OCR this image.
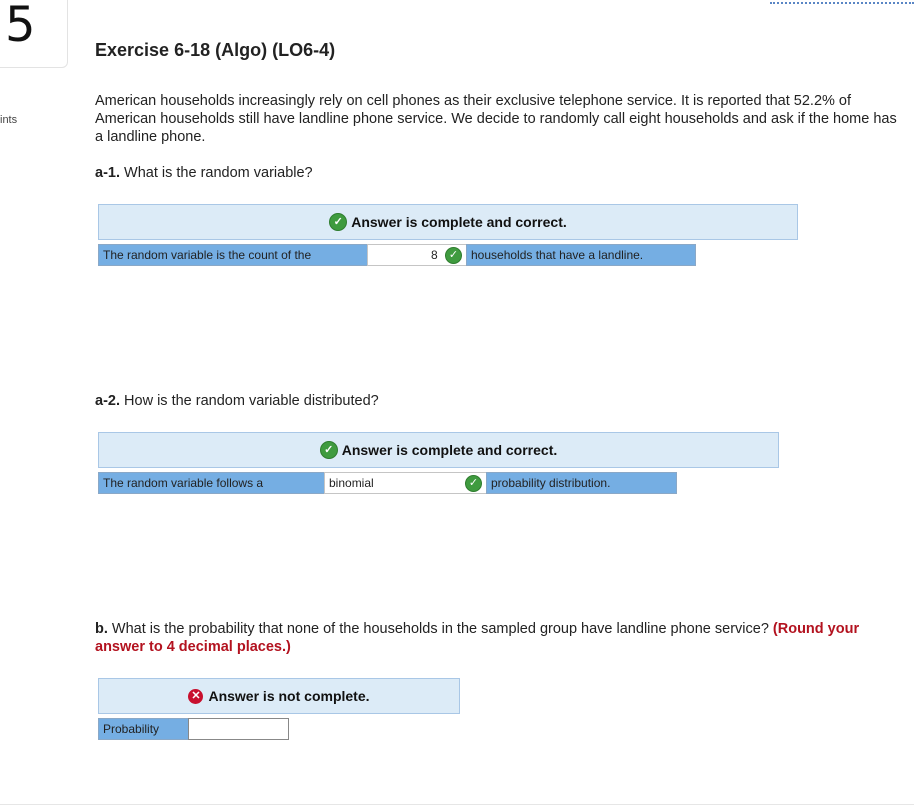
5
ints
Exercise 6-18 (Algo) (LO6-4)
American households increasingly rely on cell phones as their exclusive telephone service. It is reported that 52.2% of American households still have landline phone service. We decide to randomly call eight households and ask if the home has a landline phone.
a-1. What is the random variable?
✓ Answer is complete and correct.
The random variable is the count of the	8 ✓	households that have a landline.
a-2. How is the random variable distributed?
✓ Answer is complete and correct.
The random variable follows a	binomial	✓	probability distribution.
b. What is the probability that none of the households in the sampled group have landline phone service? (Round your answer to 4 decimal places.)
✕ Answer is not complete.
Probability
